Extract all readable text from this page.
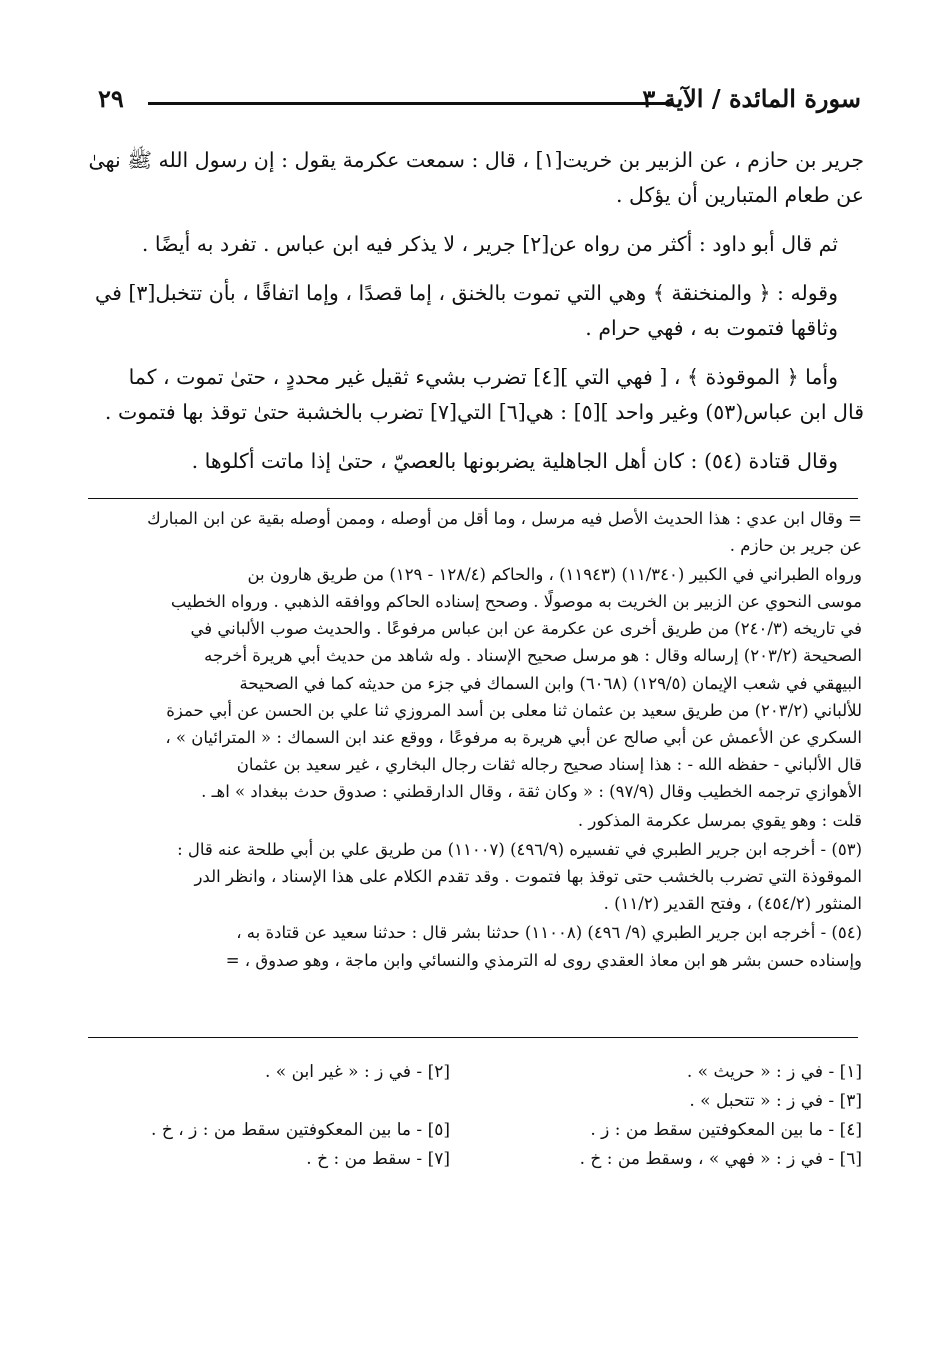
سورة المائدة / الآية ٣
٢٩

جرير بن حازم ، عن الزبير بن خريت[١] ، قال : سمعت عكرمة يقول : إن رسول الله ﷺ نهىٰ
عن طعام المتبارين أن يؤكل .

ثم قال أبو داود : أكثر من رواه عن[٢] جرير ، لا يذكر فيه ابن عباس . تفرد به أيضًا .

وقوله : ﴿ والمنخنقة ﴾ وهي التي تموت بالخنق ، إما قصدًا ، وإما اتفاقًا ، بأن تتخبل[٣] في
وثاقها فتموت به ، فهي حرام .

وأما ﴿ الموقوذة ﴾ ، [ فهي التي ][٤] تضرب بشيء ثقيل غير محددٍ ، حتىٰ تموت ، كما
قال ابن عباس(٥٣) وغير واحد ][٥] : هي[٦] التي[٧] تضرب بالخشبة حتىٰ توقذ بها فتموت .

وقال قتادة (٥٤) : كان أهل الجاهلية يضربونها بالعصيّ ، حتىٰ إذا ماتت أكلوها .

= وقال ابن عدي : هذا الحديث الأصل فيه مرسل ، وما أقل من أوصله ، وممن أوصله بقية عن ابن المبارك
عن جرير بن حازم .
ورواه الطبراني في الكبير (١١/٣٤٠) (١١٩٤٣) ، والحاكم (١٢٨/٤ - ١٢٩) من طريق هارون بن
موسى النحوي عن الزبير بن الخريت به موصولًا . وصحح إسناده الحاكم ووافقه الذهبي . ورواه الخطيب
في تاريخه (٢٤٠/٣) من طريق أخرى عن عكرمة عن ابن عباس مرفوعًا . والحديث صوب الألباني في
الصحيحة (٢٠٣/٢) إرساله وقال : هو مرسل صحيح الإسناد . وله شاهد من حديث أبي هريرة أخرجه
البيهقي في شعب الإيمان (١٢٩/٥) (٦٠٦٨) وابن السماك في جزء من حديثه كما في الصحيحة
للألباني (٢٠٣/٢) من طريق سعيد بن عثمان ثنا معلى بن أسد المروزي ثنا علي بن الحسن عن أبي حمزة
السكري عن الأعمش عن أبي صالح عن أبي هريرة به مرفوعًا ، ووقع عند ابن السماك : « المترائيان » ،
قال الألباني - حفظه الله - : هذا إسناد صحيح رجاله ثقات رجال البخاري ، غير سعيد بن عثمان
الأهوازي ترجمه الخطيب وقال (٩٧/٩) : « وكان ثقة ، وقال الدارقطني : صدوق حدث ببغداد » اهـ .
قلت : وهو يقوي بمرسل عكرمة المذكور .
(٥٣) - أخرجه ابن جرير الطبري في تفسيره (٤٩٦/٩) (١١٠٠٧) من طريق علي بن أبي طلحة عنه قال :
الموقوذة التي تضرب بالخشب حتى توقذ بها فتموت . وقد تقدم الكلام على هذا الإسناد ، وانظر الدر
المنثور (٤٥٤/٢) ، وفتح القدير (١١/٢) .
(٥٤) - أخرجه ابن جرير الطبري (٩/ ٤٩٦) (١١٠٠٨) حدثنا بشر قال : حدثنا سعيد عن قتادة به ،
وإسناده حسن بشر هو ابن معاذ العقدي روى له الترمذي والنسائي وابن ماجة ، وهو صدوق ، =
[١] - في ز : « حريث » .
[٢] - في ز : « غير ابن » .
[٣] - في ز : « تتحبل » .
[٤] - ما بين المعكوفتين سقط من : ز .
[٥] - ما بين المعكوفتين سقط من : ز ، خ .
[٦] - في ز : « فهي » ، وسقط من : خ .
[٧] - سقط من : خ .
